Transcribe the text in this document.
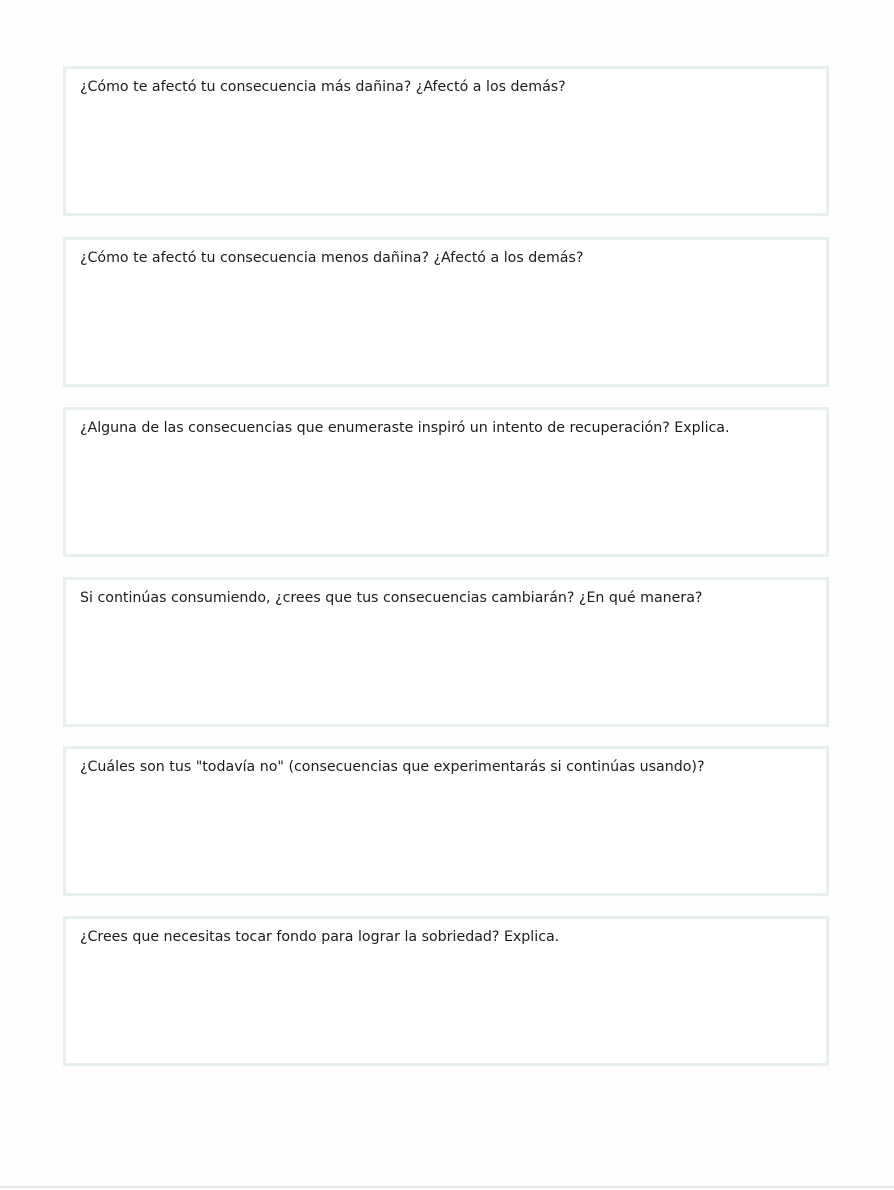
¿Cómo te afectó tu consecuencia más dañina? ¿Afectó a los demás?
¿Cómo te afectó tu consecuencia menos dañina? ¿Afectó a los demás?
¿Alguna de las consecuencias que enumeraste inspiró un intento de recuperación? Explica.
Si continúas consumiendo, ¿crees que tus consecuencias cambiarán? ¿En qué manera?
¿Cuáles son tus "todavía no" (consecuencias que experimentarás si continúas usando)?
¿Crees que necesitas tocar fondo para lograr la sobriedad? Explica.
